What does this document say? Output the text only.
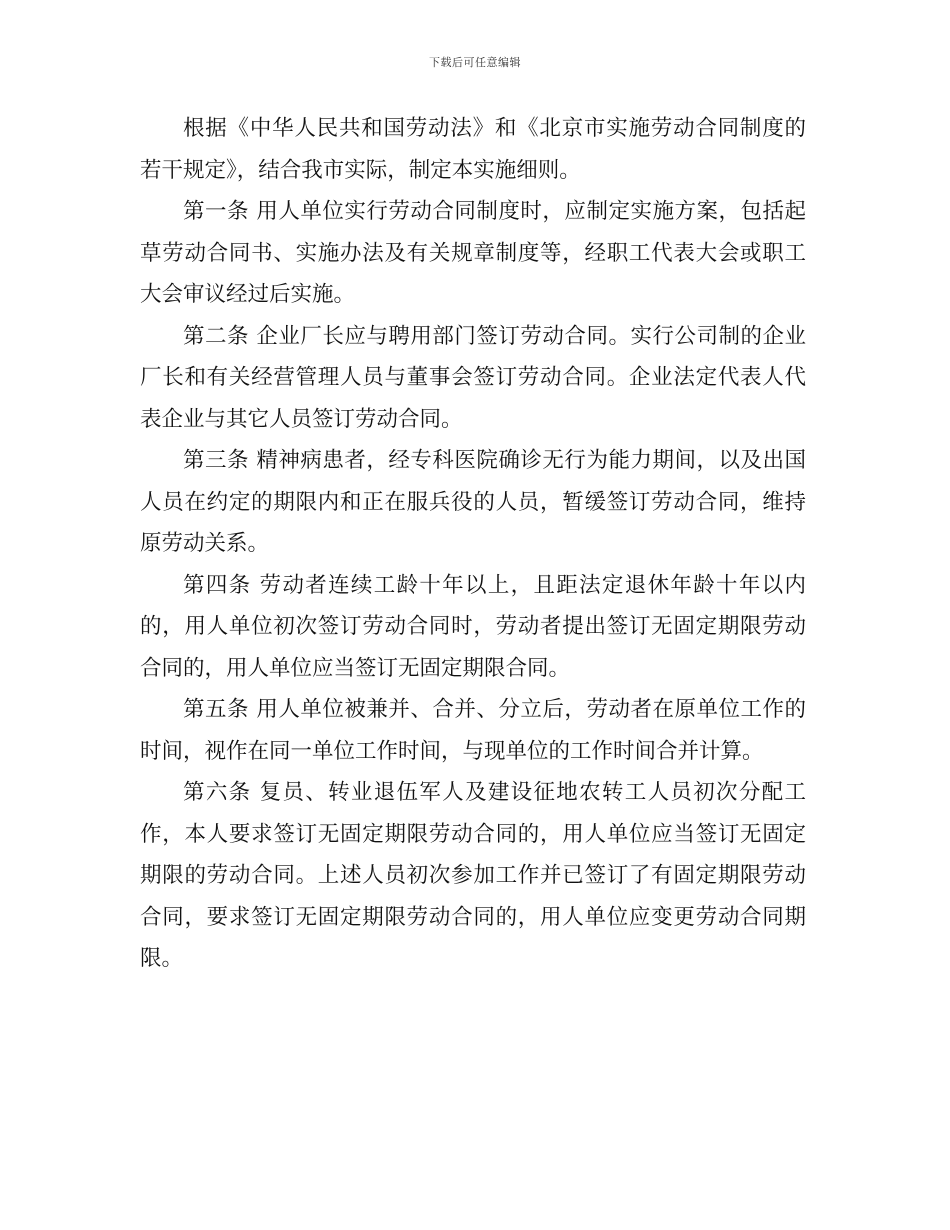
下载后可任意编辑

根据《中华人民共和国劳动法》和《北京市实施劳动合同制度的若干规定》，结合我市实际，制定本实施细则。

第一条 用人单位实行劳动合同制度时，应制定实施方案，包括起草劳动合同书、实施办法及有关规章制度等，经职工代表大会或职工大会审议经过后实施。

第二条 企业厂长应与聘用部门签订劳动合同。实行公司制的企业厂长和有关经营管理人员与董事会签订劳动合同。企业法定代表人代表企业与其它人员签订劳动合同。

第三条 精神病患者，经专科医院确诊无行为能力期间，以及出国人员在约定的期限内和正在服兵役的人员，暂缓签订劳动合同，维持原劳动关系。

第四条 劳动者连续工龄十年以上，且距法定退休年龄十年以内的，用人单位初次签订劳动合同时，劳动者提出签订无固定期限劳动合同的，用人单位应当签订无固定期限合同。

第五条 用人单位被兼并、合并、分立后，劳动者在原单位工作的时间，视作在同一单位工作时间，与现单位的工作时间合并计算。

第六条 复员、转业退伍军人及建设征地农转工人员初次分配工作，本人要求签订无固定期限劳动合同的，用人单位应当签订无固定期限的劳动合同。上述人员初次参加工作并已签订了有固定期限劳动合同，要求签订无固定期限劳动合同的，用人单位应变更劳动合同期限。
